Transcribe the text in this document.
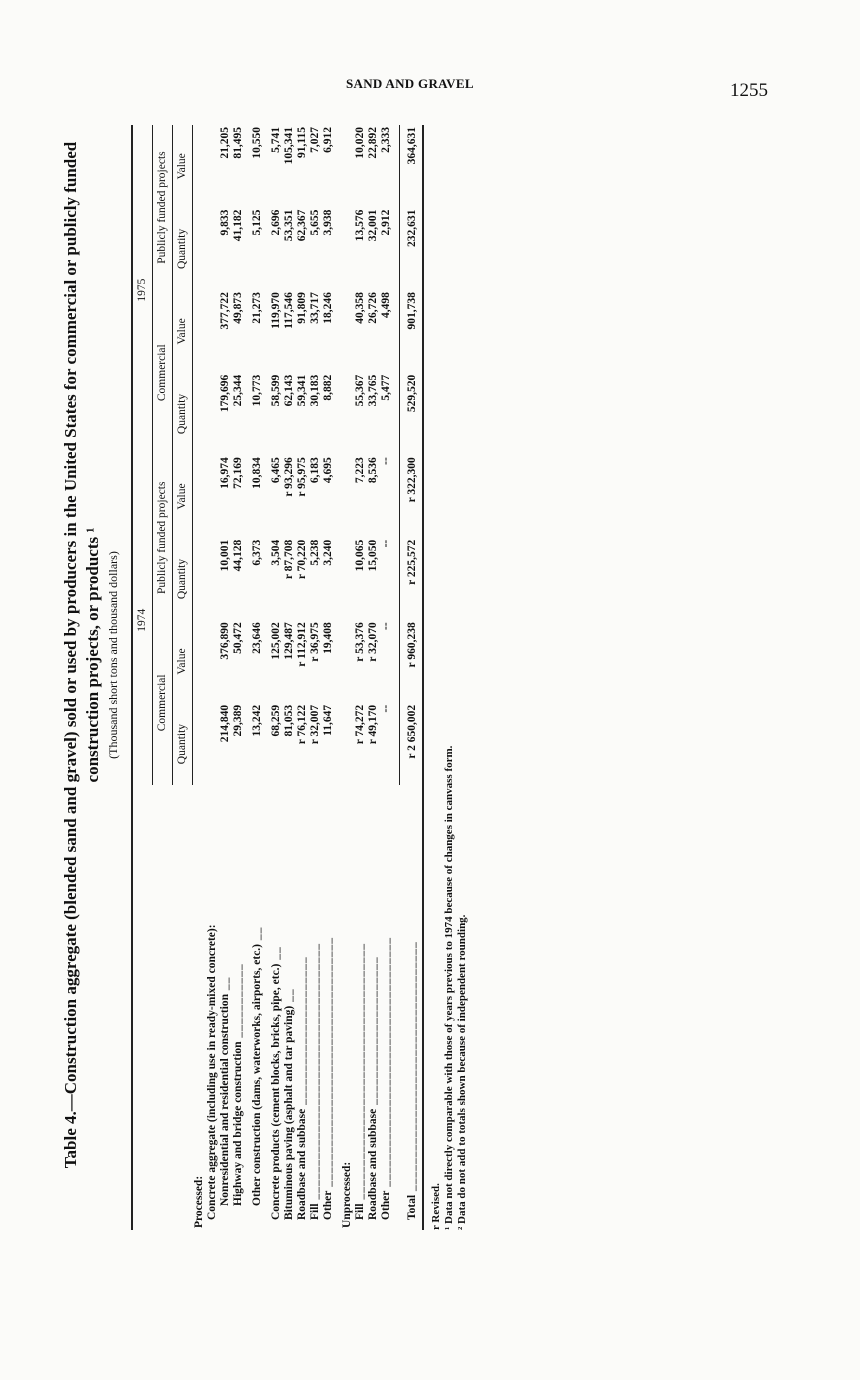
SAND AND GRAVEL	1255
Table 4.—Construction aggregate (blended sand and gravel) sold or used by producers in the United States for commercial or publicly funded construction projects, or products ¹ (Thousand short tons and thousand dollars)
	1974				1975			
	Commercial		Publicly funded projects		Commercial		Publicly funded projects	
	Quantity	Value	Quantity	Value	Quantity	Value	Quantity	Value
Processed:								
Concrete aggregate (including use in ready-mixed concrete):								
Nonresidential and residential construction __	214,840	376,890	10,001	16,974	179,696	377,722	9,833	21,205
Highway and bridge construction ___________	29,389	50,472	44,128	72,169	25,344	49,873	41,182	81,495

Other construction (dams, waterworks, airports, etc.) __	13,242	23,646	6,373	10,834	10,773	21,273	5,125	10,550

Concrete products (cement blocks, bricks, pipe, etc.) __	68,259	125,002	3,504	6,465	58,599	119,970	2,696	5,741
Bituminous paving (asphalt and tar paving) __	81,053	129,487	r 87,708	r 93,296	62,143	117,546	53,351	105,341
Roadbase and subbase ______________________	r 76,122	r 112,912	r 70,220	r 95,975	59,341	91,809	62,367	91,115
Fill ______________________________________	r 32,007	r 36,975	5,238	6,183	30,183	33,717	5,655	7,027
Other _____________________________________	11,647	19,408	3,240	4,695	8,882	18,246	3,938	6,912

Unprocessed:								
Fill ______________________________________	r 74,272	r 53,376	10,065	7,223	55,367	40,358	13,576	10,020
Roadbase and subbase ______________________	r 49,170	r 32,070	15,050	8,536	33,765	26,726	32,001	22,892
Other _____________________________________	--	--	--	--	5,477	4,498	2,912	2,333

Total _____________________________________	r 2 650,002	r 960,238	r 225,572	r 322,300	529,520	901,738	232,631	364,631
r Revised. ¹ Data not directly comparable with those of years previous to 1974 because of changes in canvass form. ² Data do not add to totals shown because of independent rounding.
